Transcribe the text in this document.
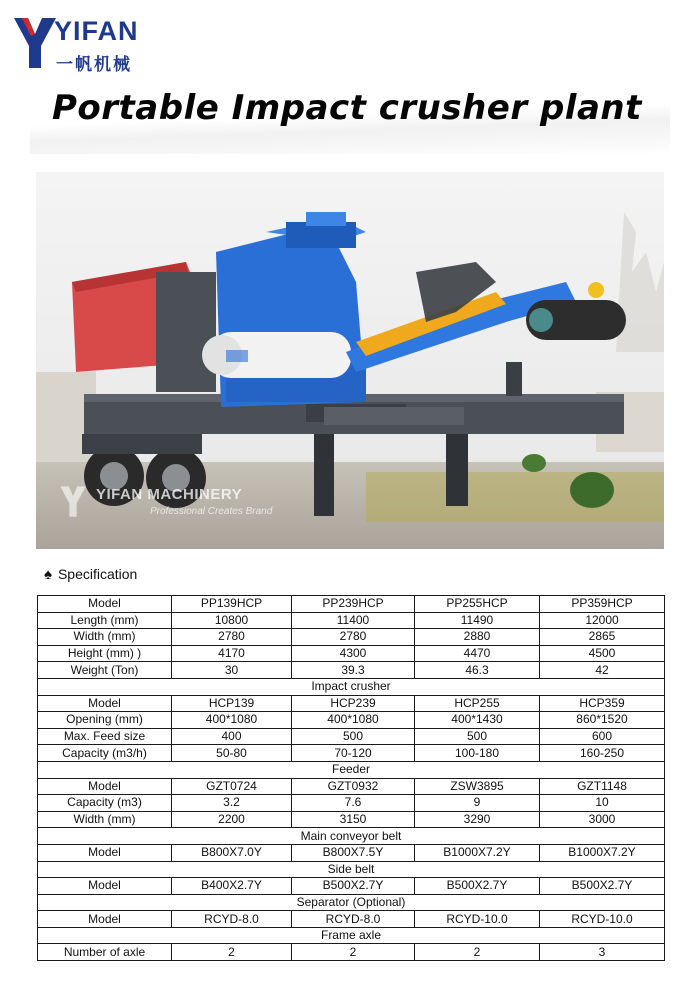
YIFAN
一帆机械
Portable Impact crusher plant
YIFAN MACHINERY
Professional Creates Brand
♠ Specification
Model	PP139HCP	PP239HCP	PP255HCP	PP359HCP
Length (mm)	10800	11400	11490	12000
Width (mm)	2780	2780	2880	2865
Height (mm) )	4170	4300	4470	4500
Weight (Ton)	30	39.3	46.3	42
Impact crusher				
Model	HCP139	HCP239	HCP255	HCP359
Opening (mm)	400*1080	400*1080	400*1430	860*1520
Max. Feed size	400	500	500	600
Capacity (m3/h)	50-80	70-120	100-180	160-250
Feeder				
Model	GZT0724	GZT0932	ZSW3895	GZT1148
Capacity (m3)	3.2	7.6	9	10
Width (mm)	2200	3150	3290	3000
Main conveyor belt				
Model	B800X7.0Y	B800X7.5Y	B1000X7.2Y	B1000X7.2Y
Side belt				
Model	B400X2.7Y	B500X2.7Y	B500X2.7Y	B500X2.7Y
Separator (Optional)				
Model	RCYD-8.0	RCYD-8.0	RCYD-10.0	RCYD-10.0
Frame axle				
Number of axle	2	2	2	3
